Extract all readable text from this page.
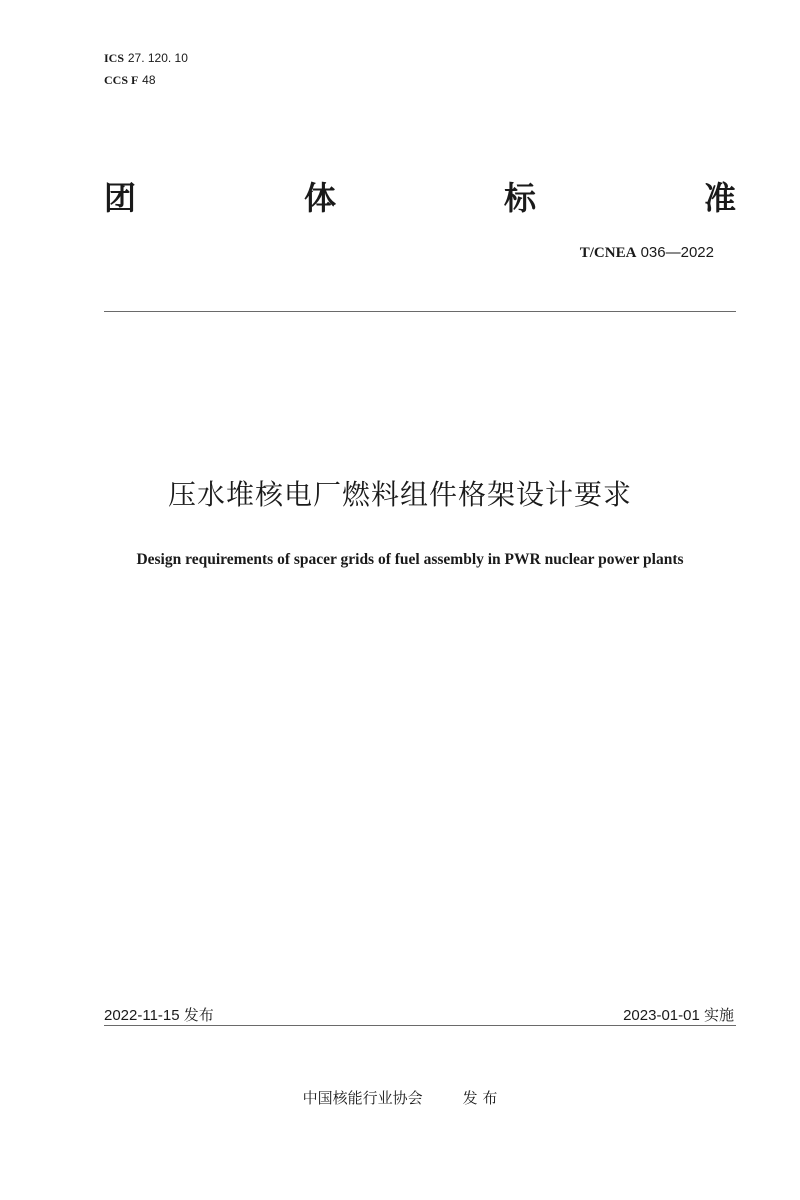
ICS 27. 120. 10
CCS F 48
团	体	标	准
T/CNEA 036—2022
压水堆核电厂燃料组件格架设计要求
Design requirements of spacer grids of fuel assembly in PWR nuclear power plants
2022-11-15 发布	2023-01-01 实施
中国核能行业协会	发 布
